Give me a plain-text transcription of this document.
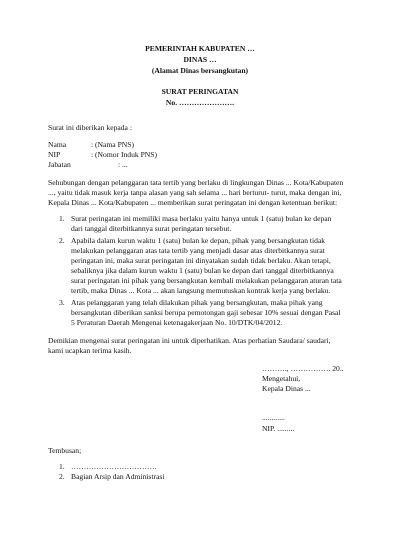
PEMERINTAH KABUPATEN …
DINAS …
(Alamat Dinas bersangkutan)
SURAT PERINGATAN
No. ………………….
Surat ini diberikan kepada :
Nama	: (Nama PNS)
NIP	: (Nomor Induk PNS)
Jabatan	: ...
Sehubungan dengan pelanggaran tata tertib yang berlaku di lingkungan Dinas ... Kota/Kabupaten
..., yaitu tidak masuk kerja tanpa alasan yang sah selama ... hari berturut- turut, maka dengan ini,
Kepala Dinas ... Kota/Kabupaten ... memberikan surat peringatan ini dengan ketentuan berikut:
1. Surat peringatan ini memiliki masa berlaku yaitu hanya untuk 1 (satu) bulan ke depan
dari tanggal diterbitkannya surat peringatan tersebut.
2. Apabila dalam kurun waktu 1 (satu) bulan ke depan, pihak yang bersangkutan tidak
melakukan pelanggaran atas tata tertib yang menjadi dasar atas diterbitkannya surat
peringatan ini, maka surat peringatan ini dinyatakan sudah tidak berlaku. Akan tetapi,
sebaliknya jika dalam kurun waktu 1 (satu) bulan ke depan dari tanggal diterbitkannya
surat peringatan ini pihak yang bersangkutan kembali melakukan pelanggaran aturan tata
tertib, maka Dinas ... Kota ... akan langsung memutuskan kontrak kerja yang berlaku.
3. Atas pelanggaran yang telah dilakukan pihak yang bersangkutan, maka pihak yang
bersangkutan diberikan sanksi berupa pemotongan gaji sebesar 10% sesuai dengan Pasal
5 Peraturan Daerah Mengenai ketenagakerjaan No. 10/DTK/04/2012.
Demikian mengenai surat peringatan ini untuk diperhatikan. Atas perhatian Saudara/ saudari,
kami ucapkan terima kasih.
………., ……………. 20..
Mengetahui,
Kepala Dinas ...
............
NIP. .........
Tembusan;
1. …………………………….
2. Bagian Arsip dan Administrasi
